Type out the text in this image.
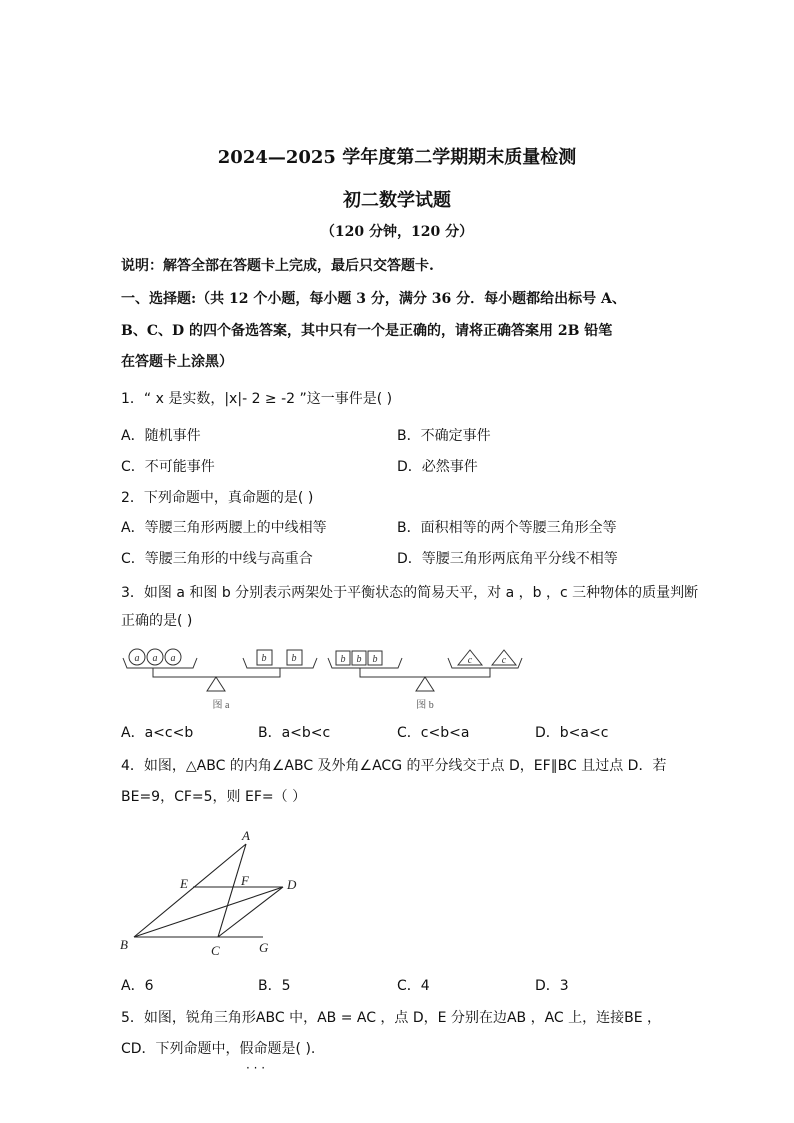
2024—2025 学年度第二学期期末质量检测
初二数学试题
（120 分钟，120 分）
说明：解答全部在答题卡上完成，最后只交答题卡.
一、选择题:（共 12 个小题，每小题 3 分，满分 36 分．每小题都给出标号 A、
B、C、D 的四个备选答案，其中只有一个是正确的，请将正确答案用 2B 铅笔
在答题卡上涂黑）
1．“ x 是实数，|x|- 2 ≥ -2 ”这一事件是( )
A．随机事件	B．不确定事件
C．不可能事件	D．必然事件
2．下列命题中，真命题的是( )
A．等腰三角形两腰上的中线相等	B．面积相等的两个等腰三角形全等
C．等腰三角形的中线与高重合	D．等腰三角形两底角平分线不相等
3．如图 a 和图 b 分别表示两架处于平衡状态的简易天平，对 a ，b ，c 三种物体的质量判断
正确的是( )
a a a	b	b
图 a
b b b	c	c
图 b
A．a<c<b	B．a<b<c	C．c<b<a	D．b<a<c
4．如图，△ABC 的内角∠ABC 及外角∠ACG 的平分线交于点 D，EF∥BC 且过点 D．若
BE=9，CF=5，则 EF=（ ）
A
E	F	D
B	C	G
A．6	B．5	C．4	D．3
5．如图，锐角三角形ABC 中，AB = AC ，点 D，E 分别在边AB ，AC 上，连接BE ，
CD．下列命题中，假命题是( ).
· · ·
